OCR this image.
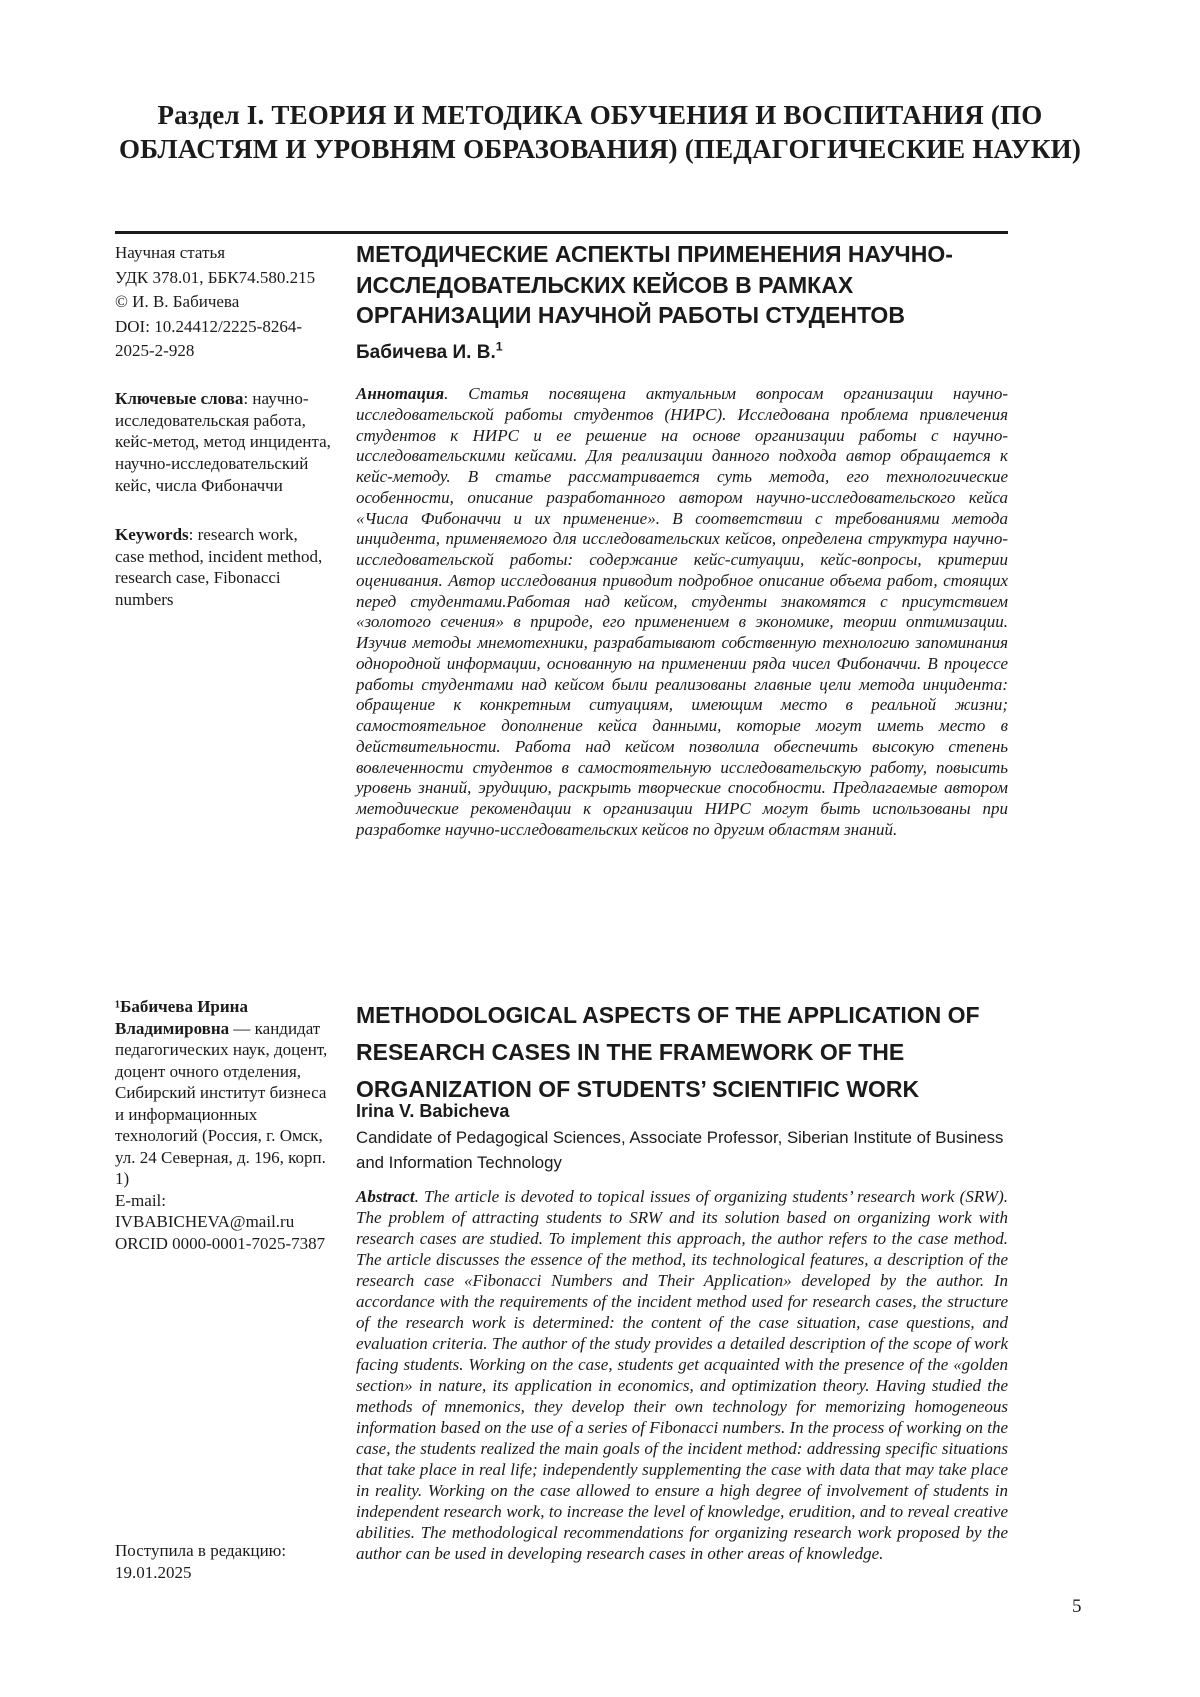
Раздел I. ТЕОРИЯ И МЕТОДИКА ОБУЧЕНИЯ И ВОСПИТАНИЯ (ПО ОБЛАСТЯМ И УРОВНЯМ ОБРАЗОВАНИЯ) (ПЕДАГОГИЧЕСКИЕ НАУКИ)
Научная статья
УДК 378.01, ББК74.580.215
© И. В. Бабичева
DOI: 10.24412/2225-8264-2025-2-928
Ключевые слова: научно-исследовательская работа, кейс-метод, метод инцидента, научно-исследовательский кейс, числа Фибоначчи
Keywords: research work, case method, incident method, research case, Fibonacci numbers
¹Бабичева Ирина Владимировна — кандидат педагогических наук, доцент, доцент очного отделения, Сибирский институт бизнеса и информационных технологий (Россия, г. Омск, ул. 24 Северная, д. 196, корп. 1)
E-mail: IVBABICHEVA@mail.ru
ORCID 0000-0001-7025-7387
Поступила в редакцию:
19.01.2025
МЕТОДИЧЕСКИЕ АСПЕКТЫ ПРИМЕНЕНИЯ НАУЧНО-ИССЛЕДОВАТЕЛЬСКИХ КЕЙСОВ В РАМКАХ ОРГАНИЗАЦИИ НАУЧНОЙ РАБОТЫ СТУДЕНТОВ
Бабичева И. В.$^1$
Аннотация. Статья посвящена актуальным вопросам организации научно-исследовательской работы студентов (НИРС). Исследована проблема привлечения студентов к НИРС и ее решение на основе организации работы с научно-исследовательскими кейсами. Для реализации данного подхода автор обращается к кейс-методу. В статье рассматривается суть метода, его технологические особенности, описание разработанного автором научно-исследовательского кейса «Числа Фибоначчи и их применение». В соответствии с требованиями метода инцидента, применяемого для исследовательских кейсов, определена структура научно-исследовательской работы: содержание кейс-ситуации, кейс-вопросы, критерии оценивания. Автор исследования приводит подробное описание объема работ, стоящих перед студентами.Работая над кейсом, студенты знакомятся с присутствием «золотого сечения» в природе, его применением в экономике, теории оптимизации. Изучив методы мнемотехники, разрабатывают собственную технологию запоминания однородной информации, основанную на применении ряда чисел Фибоначчи. В процессе работы студентами над кейсом были реализованы главные цели метода инцидента: обращение к конкретным ситуациям, имеющим место в реальной жизни; самостоятельное дополнение кейса данными, которые могут иметь место в действительности. Работа над кейсом позволила обеспечить высокую степень вовлеченности студентов в самостоятельную исследовательскую работу, повысить уровень знаний, эрудицию, раскрыть творческие способности. Предлагаемые автором методические рекомендации к организации НИРС могут быть использованы при разработке научно-исследовательских кейсов по другим областям знаний.
METHODOLOGICAL ASPECTS OF THE APPLICATION OF RESEARCH CASES IN THE FRAMEWORK OF THE ORGANIZATION OF STUDENTS’ SCIENTIFIC WORK
Irina V. Babicheva
Candidate of Pedagogical Sciences, Associate Professor, Siberian Institute of Business and Information Technology
Abstract. The article is devoted to topical issues of organizing students’ research work (SRW). The problem of attracting students to SRW and its solution based on organizing work with research cases are studied. To implement this approach, the author refers to the case method. The article discusses the essence of the method, its technological features, a description of the research case «Fibonacci Numbers and Their Application» developed by the author. In accordance with the requirements of the incident method used for research cases, the structure of the research work is determined: the content of the case situation, case questions, and evaluation criteria. The author of the study provides a detailed description of the scope of work facing students. Working on the case, students get acquainted with the presence of the «golden section» in nature, its application in economics, and optimization theory. Having studied the methods of mnemonics, they develop their own technology for memorizing homogeneous information based on the use of a series of Fibonacci numbers. In the process of working on the case, the students realized the main goals of the incident method: addressing specific situations that take place in real life; independently supplementing the case with data that may take place in reality. Working on the case allowed to ensure a high degree of involvement of students in independent research work, to increase the level of knowledge, erudition, and to reveal creative abilities. The methodological recommendations for organizing research work proposed by the author can be used in developing research cases in other areas of knowledge.
5
